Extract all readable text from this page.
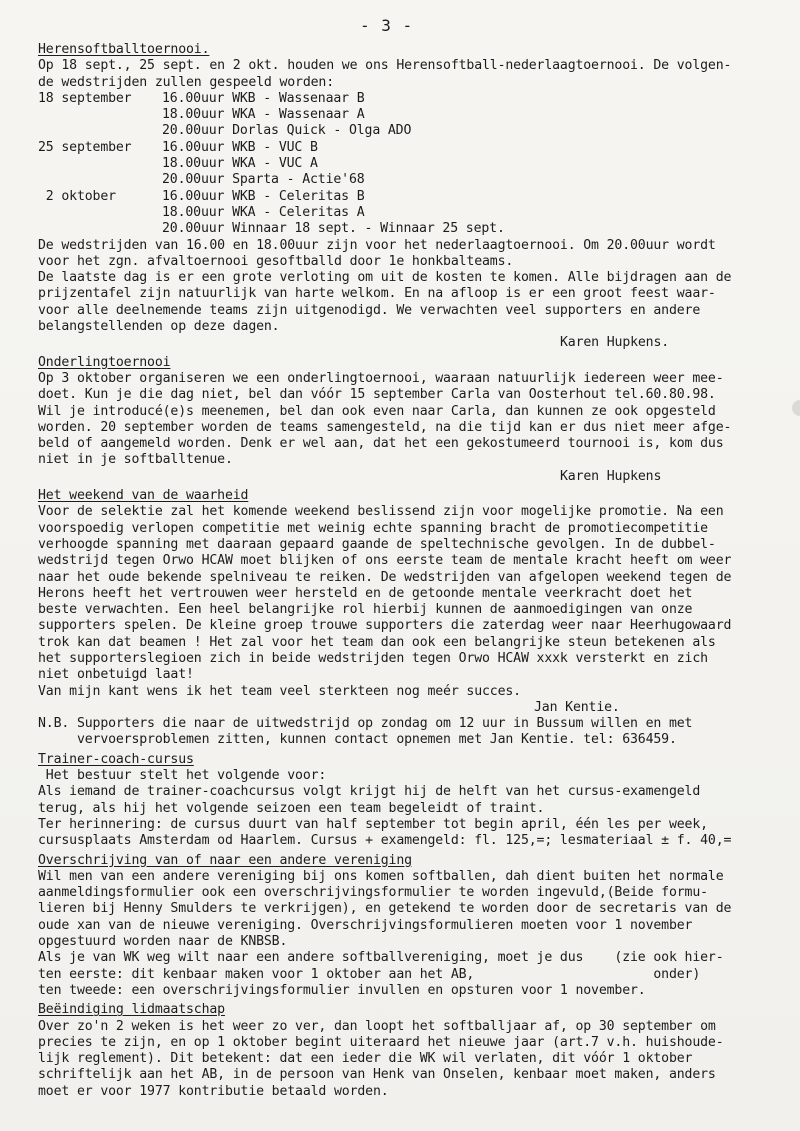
- 3 -
Herensoftballtoernooi.
Op 18 sept., 25 sept. en 2 okt. houden we ons Herensoftball-nederlaagtoernooi. De volgen-
de wedstrijden zullen gespeeld worden:
18 september	16.00uur WKB - Wassenaar B
18.00uur WKA - Wassenaar A
20.00uur Dorlas Quick - Olga ADO
25 september	16.00uur WKB - VUC B
18.00uur WKA - VUC A
20.00uur Sparta - Actie'68
2 oktober	16.00uur WKB - Celeritas B
18.00uur WKA - Celeritas A
20.00uur Winnaar 18 sept. - Winnaar 25 sept.
De wedstrijden van 16.00 en 18.00uur zijn voor het nederlaagtoernooi. Om 20.00uur wordt
voor het zgn. afvaltoernooi gesoftballd door 1e honkbalteams.
De laatste dag is er een grote verloting om uit de kosten te komen. Alle bijdragen aan de
prijzentafel zijn natuurlijk van harte welkom. En na afloop is er een groot feest waar-
voor alle deelnemende teams zijn uitgenodigd. We verwachten veel supporters en andere
belangstellenden op deze dagen.
Karen Hupkens.
Onderlingtoernooi
Op 3 oktober organiseren we een onderlingtoernooi, waaraan natuurlijk iedereen weer mee-
doet. Kun je die dag niet, bel dan vóór 15 september Carla van Oosterhout tel.60.80.98.
Wil je introducé(e)s meenemen, bel dan ook even naar Carla, dan kunnen ze ook opgesteld
worden. 20 september worden de teams samengesteld, na die tijd kan er dus niet meer afge-
beld of aangemeld worden. Denk er wel aan, dat het een gekostumeerd tournooi is, kom dus
niet in je softballtenue.
Karen Hupkens
Het weekend van de waarheid
Voor de selektie zal het komende weekend beslissend zijn voor mogelijke promotie. Na een
voorspoedig verlopen competitie met weinig echte spanning bracht de promotiecompetitie
verhoogde spanning met daaraan gepaard gaande de speltechnische gevolgen. In de dubbel-
wedstrijd tegen Orwo HCAW moet blijken of ons eerste team de mentale kracht heeft om weer
naar het oude bekende spelniveau te reiken. De wedstrijden van afgelopen weekend tegen de
Herons heeft het vertrouwen weer hersteld en de getoonde mentale veerkracht doet het
beste verwachten. Een heel belangrijke rol hierbij kunnen de aanmoedigingen van onze
supporters spelen. De kleine groep trouwe supporters die zaterdag weer naar Heerhugowaard
trok kan dat beamen ! Het zal voor het team dan ook een belangrijke steun betekenen als
het supporterslegioen zich in beide wedstrijden tegen Orwo HCAW xxxk versterkt en zich
niet onbetuigd laat!
Van mijn kant wens ik het team veel sterkteen nog meér succes.
Jan Kentie.
N.B. Supporters die naar de uitwedstrijd op zondag om 12 uur in Bussum willen en met
vervoersproblemen zitten, kunnen contact opnemen met Jan Kentie. tel: 636459.
Trainer-coach-cursus
Het bestuur stelt het volgende voor:
Als iemand de trainer-coachcursus volgt krijgt hij de helft van het cursus-examengeld
terug, als hij het volgende seizoen een team begeleidt of traint.
Ter herinnering: de cursus duurt van half september tot begin april, één les per week,
cursusplaats Amsterdam od Haarlem. Cursus + examengeld: fl. 125,=; lesmateriaal ± f. 40,=
Overschrijving van of naar een andere vereniging
Wil men van een andere vereniging bij ons komen softballen, dah dient buiten het normale
aanmeldingsformulier ook een overschrijvingsformulier te worden ingevuld,(Beide formu-
lieren bij Henny Smulders te verkrijgen), en getekend te worden door de secretaris van de
oude xan van de nieuwe vereniging. Overschrijvingsformulieren moeten voor 1 november
opgestuurd worden naar de KNBSB.
Als je van WK weg wilt naar een andere softballvereniging, moet je dus    (zie ook hier-
ten eerste: dit kenbaar maken voor 1 oktober aan het AB,                       onder)
ten tweede: een overschrijvingsformulier invullen en opsturen voor 1 november.
Beëindiging lidmaatschap
Over zo'n 2 weken is het weer zo ver, dan loopt het softballjaar af, op 30 september om
precies te zijn, en op 1 oktober begint uiteraard het nieuwe jaar (art.7 v.h. huishoude-
lijk reglement). Dit betekent: dat een ieder die WK wil verlaten, dit vóór 1 oktober
schriftelijk aan het AB, in de persoon van Henk van Onselen, kenbaar moet maken, anders
moet er voor 1977 kontributie betaald worden.
